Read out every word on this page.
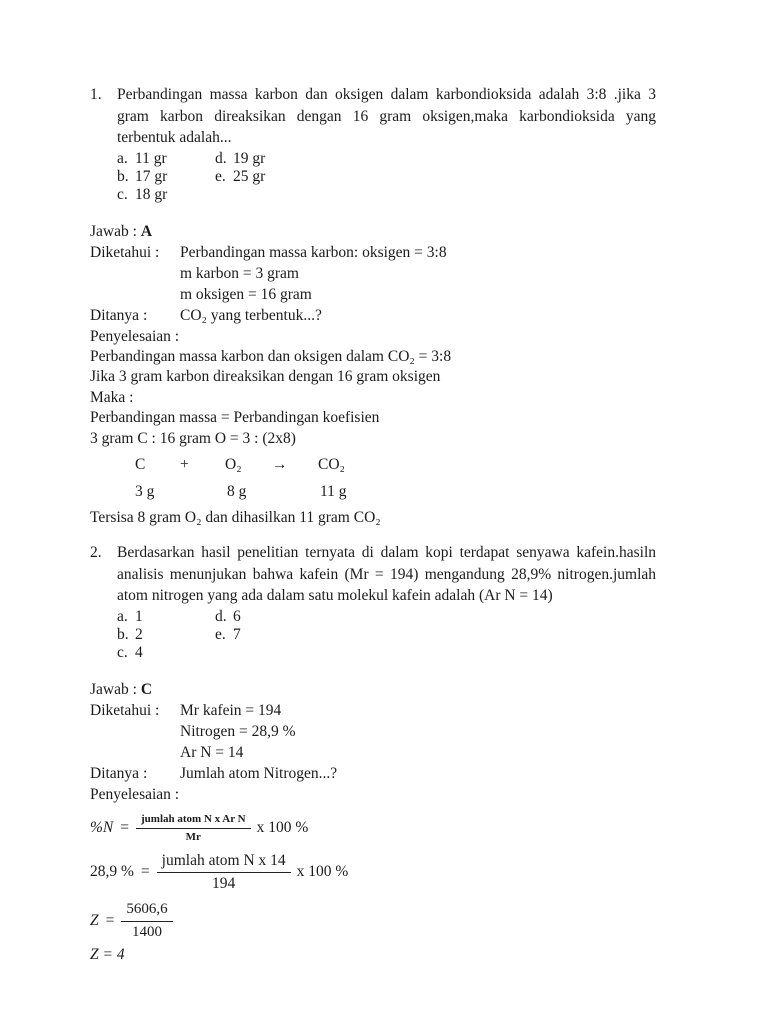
1. Perbandingan massa karbon dan oksigen dalam karbondioksida adalah 3:8 .jika 3 gram karbon direaksikan dengan 16 gram oksigen,maka karbondioksida yang terbentuk adalah...
a. 11 gr	d. 19 gr
b. 17 gr	e. 25 gr
c. 18 gr
Jawab : A
Diketahui :	Perbandingan massa karbon: oksigen = 3:8
m karbon = 3 gram
m oksigen = 16 gram
Ditanya :	CO₂ yang terbentuk...?
Penyelesaian :
Perbandingan massa karbon dan oksigen dalam CO₂ = 3:8
Jika 3 gram karbon direaksikan dengan 16 gram oksigen
Maka :
Perbandingan massa = Perbandingan koefisien
3 gram C : 16 gram O = 3 : (2x8)
C + O₂ → CO₂
3 g	8 g	11 g
Tersisa 8 gram O₂ dan dihasilkan 11 gram CO₂
2. Berdasarkan hasil penelitian ternyata di dalam kopi terdapat senyawa kafein.hasiln analisis menunjukan bahwa kafein (Mr = 194) mengandung 28,9% nitrogen.jumlah atom nitrogen yang ada dalam satu molekul kafein adalah (Ar N = 14)
a. 1	d. 6
b. 2	e. 7
c. 4
Jawab : C
Diketahui :	Mr kafein = 194
Nitrogen = 28,9 %
Ar N = 14
Ditanya :	Jumlah atom Nitrogen...?
Penyelesaian :
$\%N = \frac{\text{jumlah atom N x Ar N}}{Mr}$ x 100 %
28,9 % = $\frac{\text{jumlah atom N x 14}}{194}$ x 100 %
$Z = \frac{5606,6}{1400}$
Z = 4
